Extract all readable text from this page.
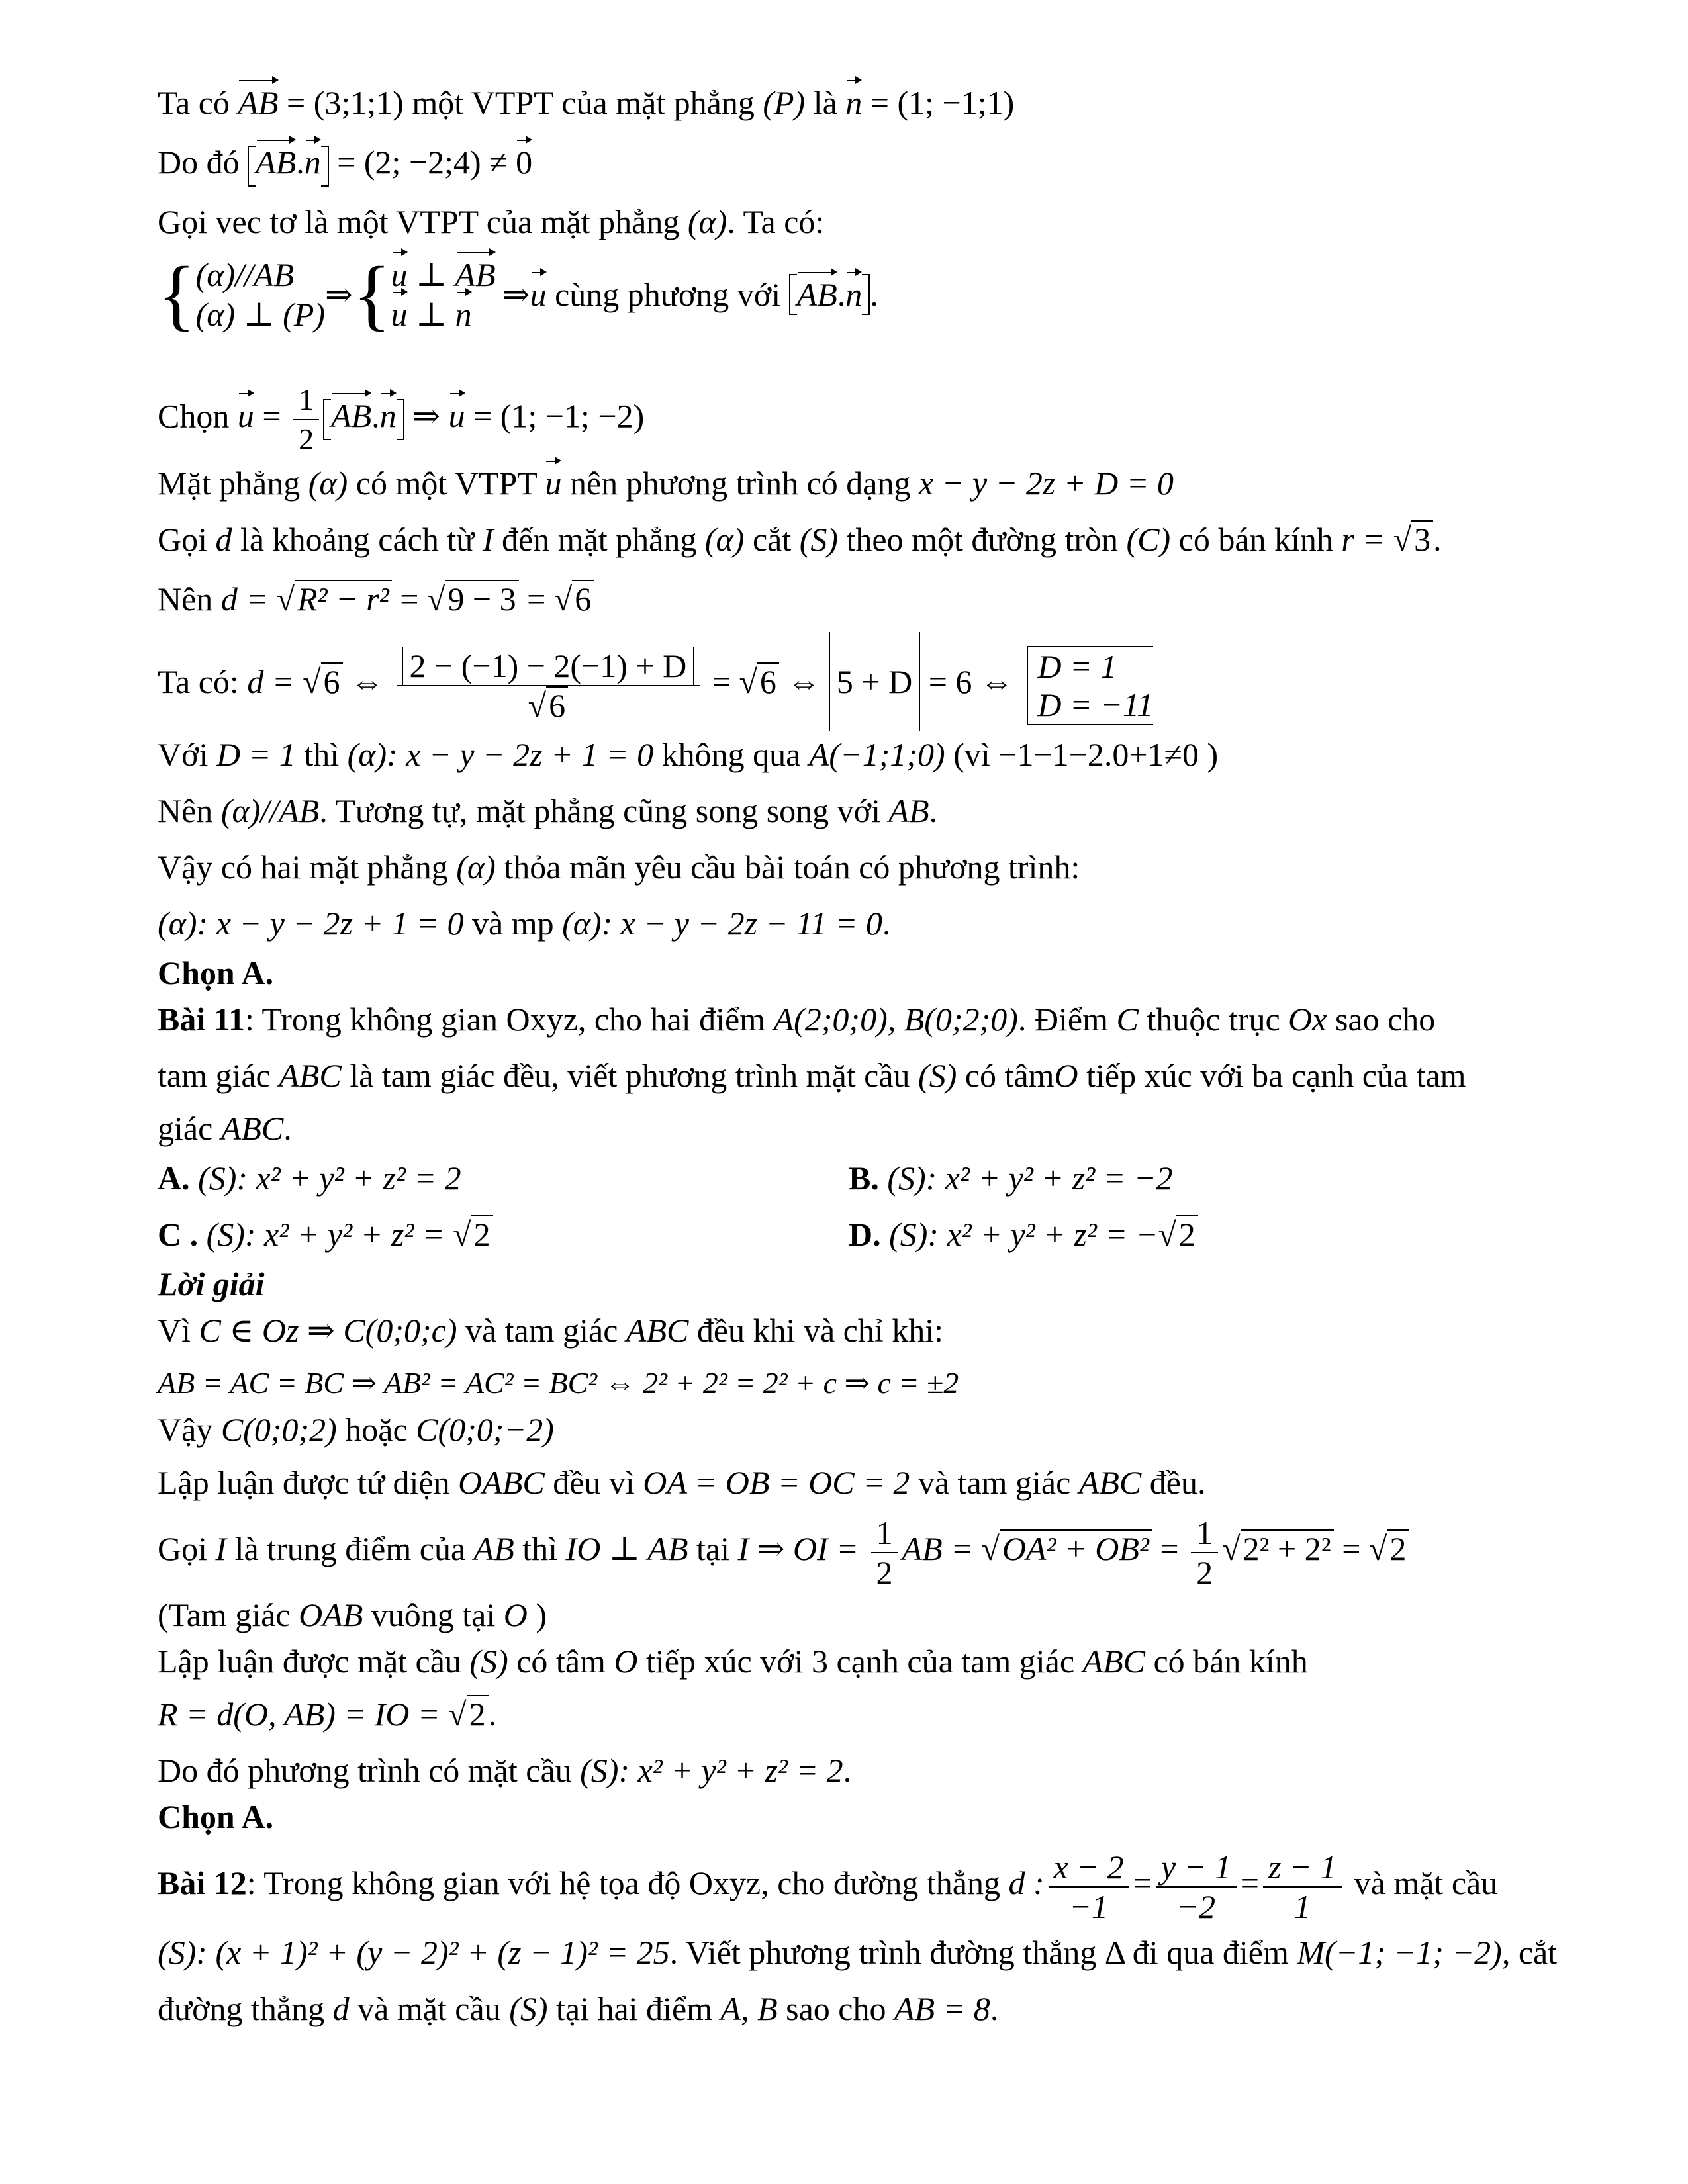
Ta có AB = (3;1;1) một VTPT của mặt phẳng (P) là n = (1; −1;1)
Do đó AB.n = (2; −2;4) ≠ 0
Gọi vec tơ là một VTPT của mặt phẳng (α). Ta có:
{ (α)//AB
(α) ⊥ (P)
⇒{ u ⊥ AB
u ⊥ n
⇒u cùng phương với AB.n .
Chọn $u = \frac{1}{2} AB.n$ ⇒ u = (1; −1; −2)
Mặt phẳng (α) có một VTPT u nên phương trình có dạng x − y − 2z + D = 0
Gọi d là khoảng cách từ I đến mặt phẳng (α) cắt (S) theo một đường tròn (C) có bán kính r = √3.
Nên d = √R² − r² = √9 − 3 = √6
Ta có: d = √6 ⇔ $\frac{2 - (-1) - 2(-1) + D}{√6} = √6$ ⇔ 5 + D = 6 ⇔ D = 1
D = −11
Với D = 1 thì (α): x − y − 2z + 1 = 0 không qua A(−1;1;0) (vì −1−1−2.0+1≠0 )
Nên (α)//AB. Tương tự, mặt phẳng cũng song song với AB.
Vậy có hai mặt phẳng (α) thỏa mãn yêu cầu bài toán có phương trình:
(α): x − y − 2z + 1 = 0 và mp (α): x − y − 2z − 11 = 0.
Chọn A.
Bài 11: Trong không gian Oxyz, cho hai điểm A(2;0;0), B(0;2;0). Điểm C thuộc trục Ox sao cho
tam giác ABC là tam giác đều, viết phương trình mặt cầu (S) có tâmO tiếp xúc với ba cạnh của tam
giác ABC.
A. (S): x² + y² + z² = 2	B. (S): x² + y² + z² = −2
C . (S): x² + y² + z² = √2	D. (S): x² + y² + z² = −√2
Lời giải
Vì C ∈ Oz ⇒ C(0;0;c) và tam giác ABC đều khi và chỉ khi:
AB = AC = BC ⇒ AB² = AC² = BC² ⇔ 2² + 2² = 2² + c ⇒ c = ±2
Vậy C(0;0;2) hoặc C(0;0;−2)
Lập luận được tứ diện OABC đều vì OA = OB = OC = 2 và tam giác ABC đều.
Gọi I là trung điểm của AB thì IO ⊥ AB tại I ⇒ OI = $\frac{1}{2}$ AB = $√OA^2 + OB^2 = \frac{1}{2} √2^2 + 2^2 = √2$
(Tam giác OAB vuông tại O )
Lập luận được mặt cầu (S) có tâm O tiếp xúc với 3 cạnh của tam giác ABC có bán kính
R = d(O, AB) = IO = √2.
Do đó phương trình có mặt cầu (S): x² + y² + z² = 2.
Chọn A.
Bài 12: Trong không gian với hệ tọa độ Oxyz, cho đường thẳng d : $\frac{x - 2}{-1} = \frac{y - 1}{-2} = \frac{z - 1}{1}$ và mặt cầu
(S): (x + 1)² + (y − 2)² + (z − 1)² = 25. Viết phương trình đường thẳng Δ đi qua điểm M(−1; −1; −2), cắt
đường thẳng d và mặt cầu (S) tại hai điểm A, B sao cho AB = 8.
